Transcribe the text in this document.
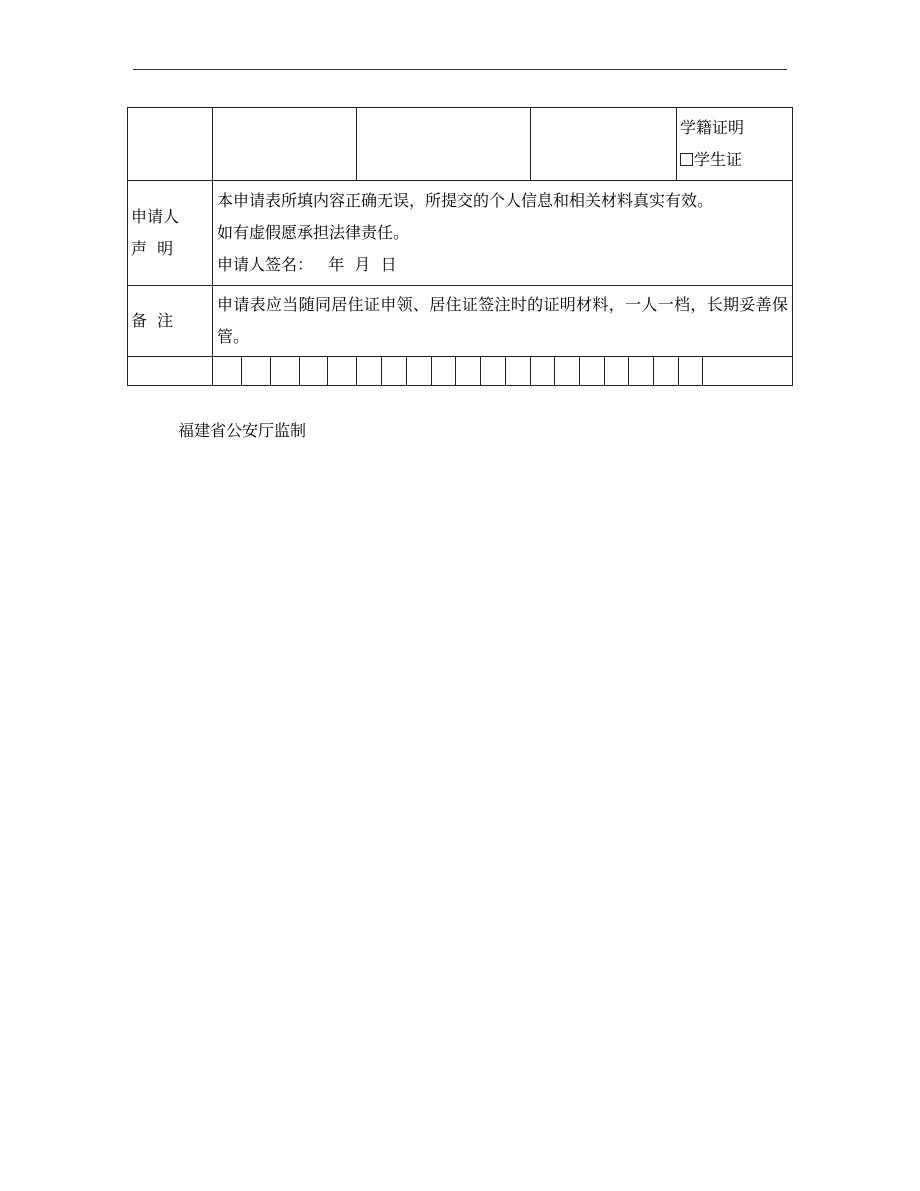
				学籍证明
学生证

申请人
声  明	本申请表所填内容正确无误，所提交的个人信息和相关材料真实有效。
如有虚假愿承担法律责任。
申请人签名：   年  月  日			

备  注	申请表应当随同居住证申领、居住证签注时的证明材料，一人一档，长期妥善保管。			

福建省公安厅监制
